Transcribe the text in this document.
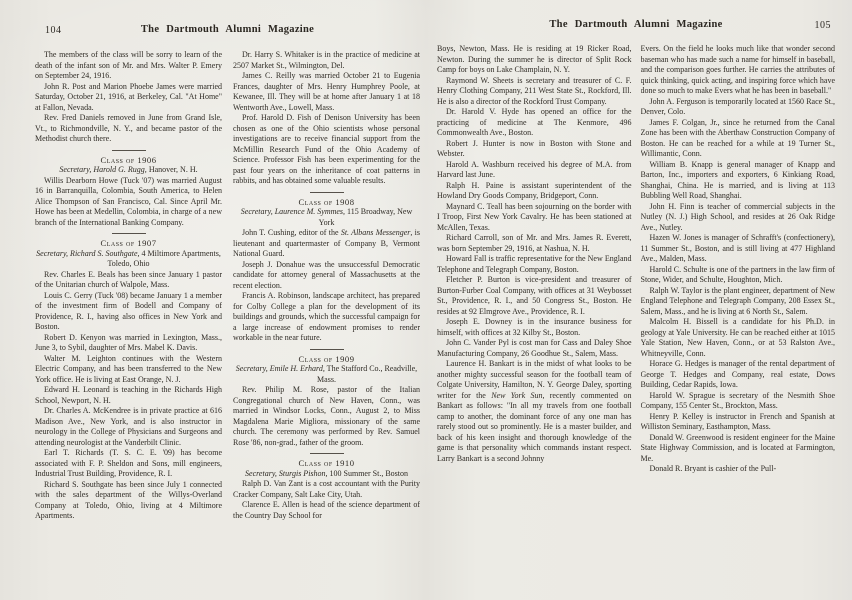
104	The Dartmouth Alumni Magazine

The members of the class will be sorry to learn of the death of the infant son of Mr. and Mrs. Walter P. Emery on September 24, 1916.

John R. Post and Marion Phoebe James were married Saturday, October 21, 1916, at Berkeley, Cal. "At Home" at Fallon, Nevada.

Rev. Fred Daniels removed in June from Grand Isle, Vt., to Richmondville, N. Y., and became pastor of the Methodist church there.

Class of 1906

Secretary, Harold G. Rugg, Hanover, N. H.

Willis Dearborn Howe (Tuck '07) was married August 16 in Barranquilla, Colombia, South America, to Helen Alice Thompson of San Francisco, Cal. Since April Mr. Howe has been at Medellin, Colombia, in charge of a new branch of the International Banking Company.

Class of 1907

Secretary, Richard S. Southgate, 4 Miltimore Apartments, Toledo, Ohio

Rev. Charles E. Beals has been since January 1 pastor of the Unitarian church of Walpole, Mass.

Louis C. Gerry (Tuck '08) became January 1 a member of the investment firm of Bodell and Company of Providence, R. I., having also offices in New York and Boston.

Robert D. Kenyon was married in Lexington, Mass., June 3, to Sybil, daughter of Mrs. Mabel K. Davis.

Walter M. Leighton continues with the Western Electric Company, and has been transferred to the New York office. He is living at East Orange, N. J.

Edward H. Leonard is teaching in the Richards High School, Newport, N. H.

Dr. Charles A. McKendree is in private practice at 616 Madison Ave., New York, and is also instructor in neurology in the College of Physicians and Surgeons and attending neurologist at the Vanderbilt Clinic.

Earl T. Richards (T. S. C. E. '09) has become associated with F. P. Sheldon and Sons, mill engineers, Industrial Trust Building, Providence, R. I.

Richard S. Southgate has been since July 1 connected with the sales department of the Willys-Overland Company at Toledo, Ohio, living at 4 Miltimore Apartments.

Dr. Harry S. Whitaker is in the practice of medicine at 2507 Market St., Wilmington, Del.

James C. Reilly was married October 21 to Eugenia Frances, daughter of Mrs. Henry Humphrey Poole, at Kewanee, Ill. They will be at home after January 1 at 18 Wentworth Ave., Lowell, Mass.

Prof. Harold D. Fish of Denison University has been chosen as one of the Ohio scientists whose personal investigations are to receive financial support from the McMillin Research Fund of the Ohio Academy of Science. Professor Fish has been experimenting for the past four years on the inheritance of coat patterns in rabbits, and has obtained some valuable results.

Class of 1908

Secretary, Laurence M. Symmes, 115 Broadway, New York

John T. Cushing, editor of the St. Albans Messenger, is lieutenant and quartermaster of Company B, Vermont National Guard.

Joseph J. Donahue was the unsuccessful Democratic candidate for attorney general of Massachusetts at the recent election.

Francis A. Robinson, landscape architect, has prepared for Colby College a plan for the development of its buildings and grounds, which the successful campaign for a large increase of endowment promises to render workable in the near future.

Class of 1909

Secretary, Emile H. Erhard, The Stafford Co., Readville, Mass.

Rev. Philip M. Rose, pastor of the Italian Congregational church of New Haven, Conn., was married in Windsor Locks, Conn., August 2, to Miss Magdalena Marie Migliora, missionary of the same church. The ceremony was performed by Rev. Samuel Rose '86, non-grad., father of the groom.

Class of 1910

Secretary, Sturgis Pishon, 100 Summer St., Boston

Ralph D. Van Zant is a cost accountant with the Purity Cracker Company, Salt Lake City, Utah.

Clarence E. Allen is head of the science department of the Country Day School for

The Dartmouth Alumni Magazine	105

Boys, Newton, Mass. He is residing at 19 Ricker Road, Newton. During the summer he is director of Split Rock Camp for boys on Lake Champlain, N. Y.

Raymond W. Sheets is secretary and treasurer of C. F. Henry Clothing Company, 211 West State St., Rockford, Ill. He is also a director of the Rockford Trust Company.

Dr. Harold V. Hyde has opened an office for the practicing of medicine at The Kenmore, 496 Commonwealth Ave., Boston.

Robert J. Hunter is now in Boston with Stone and Webster.

Harold A. Washburn received his degree of M.A. from Harvard last June.

Ralph H. Paine is assistant superintendent of the Howland Dry Goods Company, Bridgeport, Conn.

Maynard C. Teall has been sojourning on the border with I Troop, First New York Cavalry. He has been stationed at McAllen, Texas.

Richard Carroll, son of Mr. and Mrs. James R. Everett, was born September 29, 1916, at Nashua, N. H.

Howard Fall is traffic representative for the New England Telephone and Telegraph Company, Boston.

Fletcher P. Burton is vice-president and treasurer of Burton-Furber Coal Company, with offices at 31 Weybosset St., Providence, R. I., and 50 Congress St., Boston. He resides at 92 Elmgrove Ave., Providence, R. I.

Joseph E. Downey is in the insurance business for himself, with offices at 32 Kilby St., Boston.

John C. Vander Pyl is cost man for Cass and Daley Shoe Manufacturing Company, 26 Goodhue St., Salem, Mass.

Laurence H. Bankart is in the midst of what looks to be another mighty successful season for the football team of Colgate University, Hamilton, N. Y. George Daley, sporting writer for the New York Sun, recently commented on Bankart as follows: "In all my travels from one football camp to another, the dominant force of any one man has rarely stood out so prominently. He is a master builder, and back of his keen insight and thorough knowledge of the game is that personality which commands instant respect. Larry Bankart is a second Johnny

Evers. On the field he looks much like that wonder second baseman who has made such a name for himself in baseball, and the comparison goes further. He carries the attributes of quick thinking, quick acting, and inspiring force which have done so much to make Evers what he has been in baseball."

John A. Ferguson is temporarily located at 1560 Race St., Denver, Colo.

James F. Colgan, Jr., since he returned from the Canal Zone has been with the Aberthaw Construction Company of Boston. He can be reached for a while at 19 Turner St., Willimantic, Conn.

William B. Knapp is general manager of Knapp and Barton, Inc., importers and exporters, 6 Kinkiang Road, Shanghai, China. He is married, and is living at 113 Bubbling Well Road, Shanghai.

John H. Finn is teacher of commercial subjects in the Nutley (N. J.) High School, and resides at 26 Oak Ridge Ave., Nutley.

Hazen W. Jones is manager of Schrafft's (confectionery), 11 Summer St., Boston, and is still living at 477 Highland Ave., Malden, Mass.

Harold C. Schulte is one of the partners in the law firm of Stone, Wider, and Schulte, Houghton, Mich.

Ralph W. Taylor is the plant engineer, department of New England Telephone and Telegraph Company, 208 Essex St., Salem, Mass., and he is living at 6 North St., Salem.

Malcolm H. Bissell is a candidate for his Ph.D. in geology at Yale University. He can be reached either at 1015 Yale Station, New Haven, Conn., or at 53 Ralston Ave., Whitneyville, Conn.

Horace G. Hedges is manager of the rental department of George T. Hedges and Company, real estate, Dows Building, Cedar Rapids, Iowa.

Harold W. Sprague is secretary of the Nesmith Shoe Company, 155 Center St., Brockton, Mass.

Henry P. Kelley is instructor in French and Spanish at Williston Seminary, Easthampton, Mass.

Donald W. Greenwood is resident engineer for the Maine State Highway Commission, and is located at Farmington, Me.

Donald R. Bryant is cashier of the Pull-
